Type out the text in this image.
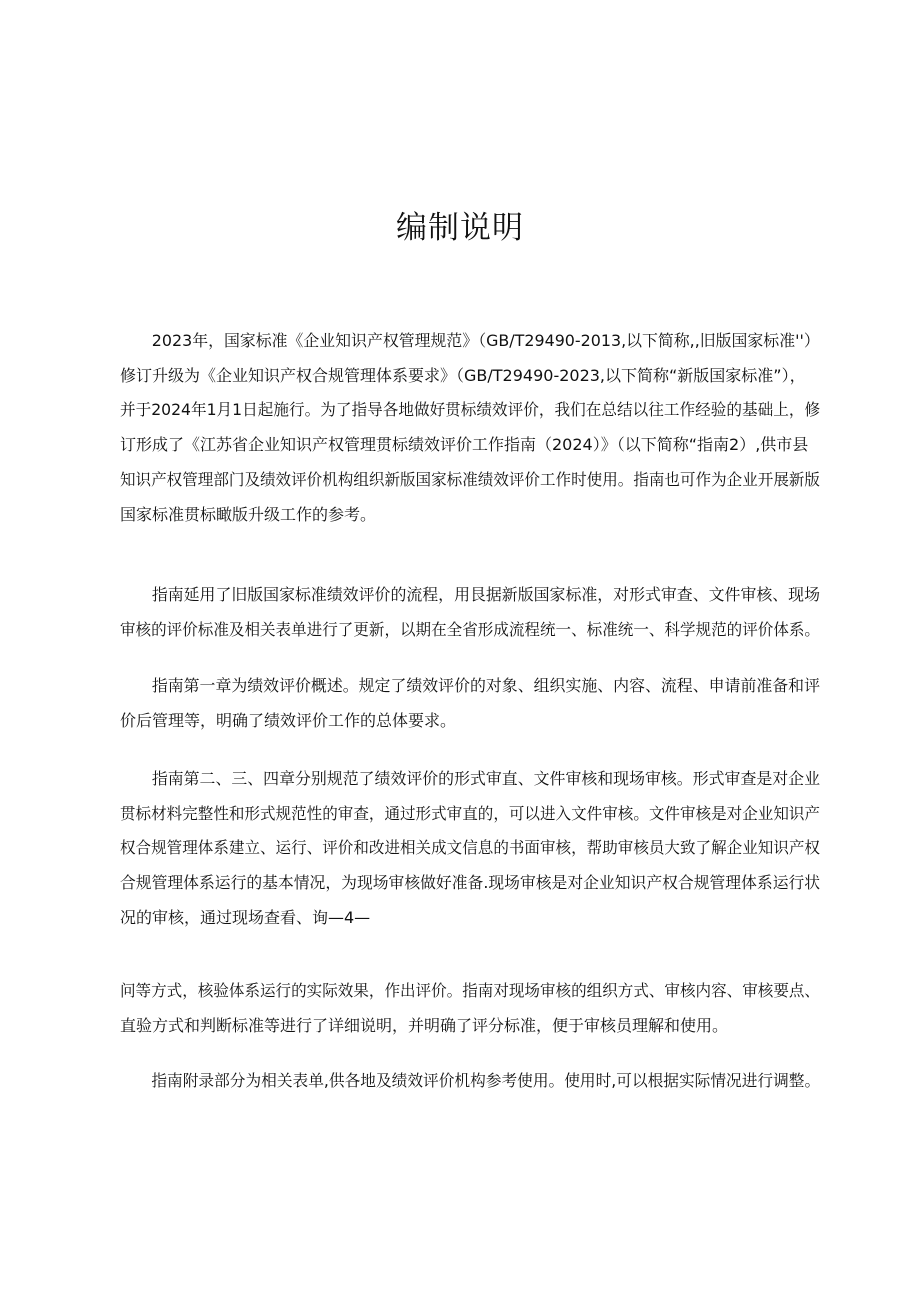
编制说明

2023年，国家标准《企业知识产权管理规范》（GB/T29490-2013,以下简称,,旧版国家标准''）
修订升级为《企业知识产权合规管理体系要求》（GB/T29490-2023,以下简称“新版国家标准”），
并于2024年1月1日起施行。为了指导各地做好贯标绩效评价，我们在总结以往工作经验的基础上，修
订形成了《江苏省企业知识产权管理贯标绩效评价工作指南（2024）》（以下简称“指南2）,供市县
知识产权管理部门及绩效评价机构组织新版国家标准绩效评价工作时使用。指南也可作为企业开展新版
国家标准贯标瞰版升级工作的参考。

指南延用了旧版国家标准绩效评价的流程，用艮据新版国家标准，对形式审查、文件审核、现场
审核的评价标准及相关表单进行了更新，以期在全省形成流程统一、标准统一、科学规范的评价体系。

指南第一章为绩效评价概述。规定了绩效评价的对象、组织实施、内容、流程、申请前准备和评
价后管理等，明确了绩效评价工作的总体要求。

指南第二、三、四章分别规范了绩效评价的形式审直、文件审核和现场审核。形式审查是对企业
贯标材料完整性和形式规范性的审查，通过形式审直的，可以进入文件审核。文件审核是对企业知识产
权合规管理体系建立、运行、评价和改进相关成文信息的书面审核，帮助审核员大致了解企业知识产权
合规管理体系运行的基本情况，为现场审核做好准备.现场审核是对企业知识产权合规管理体系运行状
况的审核，通过现场查看、询—4—

问等方式，核验体系运行的实际效果，作出评价。指南对现场审核的组织方式、审核内容、审核要点、
直验方式和判断标准等进行了详细说明，并明确了评分标准，便于审核员理解和使用。

指南附录部分为相关表单,供各地及绩效评价机构参考使用。使用时,可以根据实际情况进行调整。
